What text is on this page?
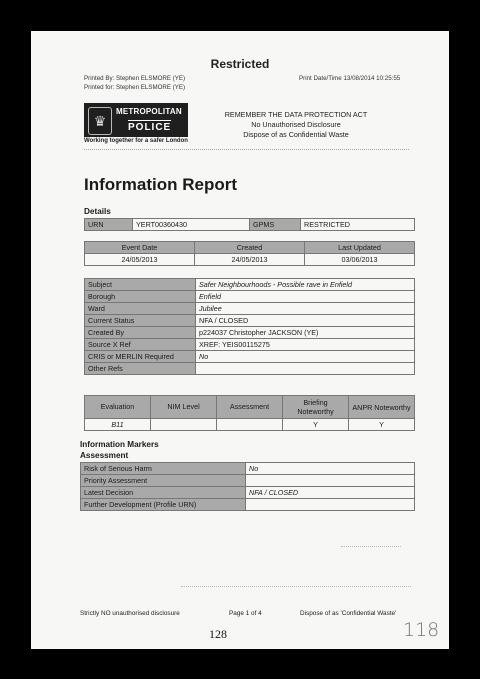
Restricted
Printed By: Stephen ELSMORE (YE)
Printed for: Stephen ELSMORE (YE)
Print Date/Time 13/08/2014 10:25:55
♛
METROPOLITAN
POLICE
Working together for a safer London
REMEMBER THE DATA PROTECTION ACT
No Unauthorised Disclosure
Dispose of as Confidential Waste
Information Report
Details
URN	YERT00360430	GPMS	RESTRICTED
Event Date	Created	Last Updated
24/05/2013	24/05/2013	03/06/2013
Subject	Safer Neighbourhoods - Possible rave in Enfield
Borough	Enfield
Ward	Jubilee
Current Status	NFA / CLOSED
Created By	p224037 Christopher JACKSON (YE)
Source X Ref	XREF: YEIS00115275
CRIS or MERLIN Required	No
Other Refs	
Evaluation	NIM Level	Assessment	Briefing Noteworthy	ANPR Noteworthy
B11			Y	Y
Information Markers
Assessment
Risk of Serious Harm	No
Priority Assessment	
Latest Decision	NFA / CLOSED
Further Development (Profile URN)	
Strictly NO unauthorised disclosure	Page 1 of 4	Dispose of as 'Confidential Waste'
128	118
